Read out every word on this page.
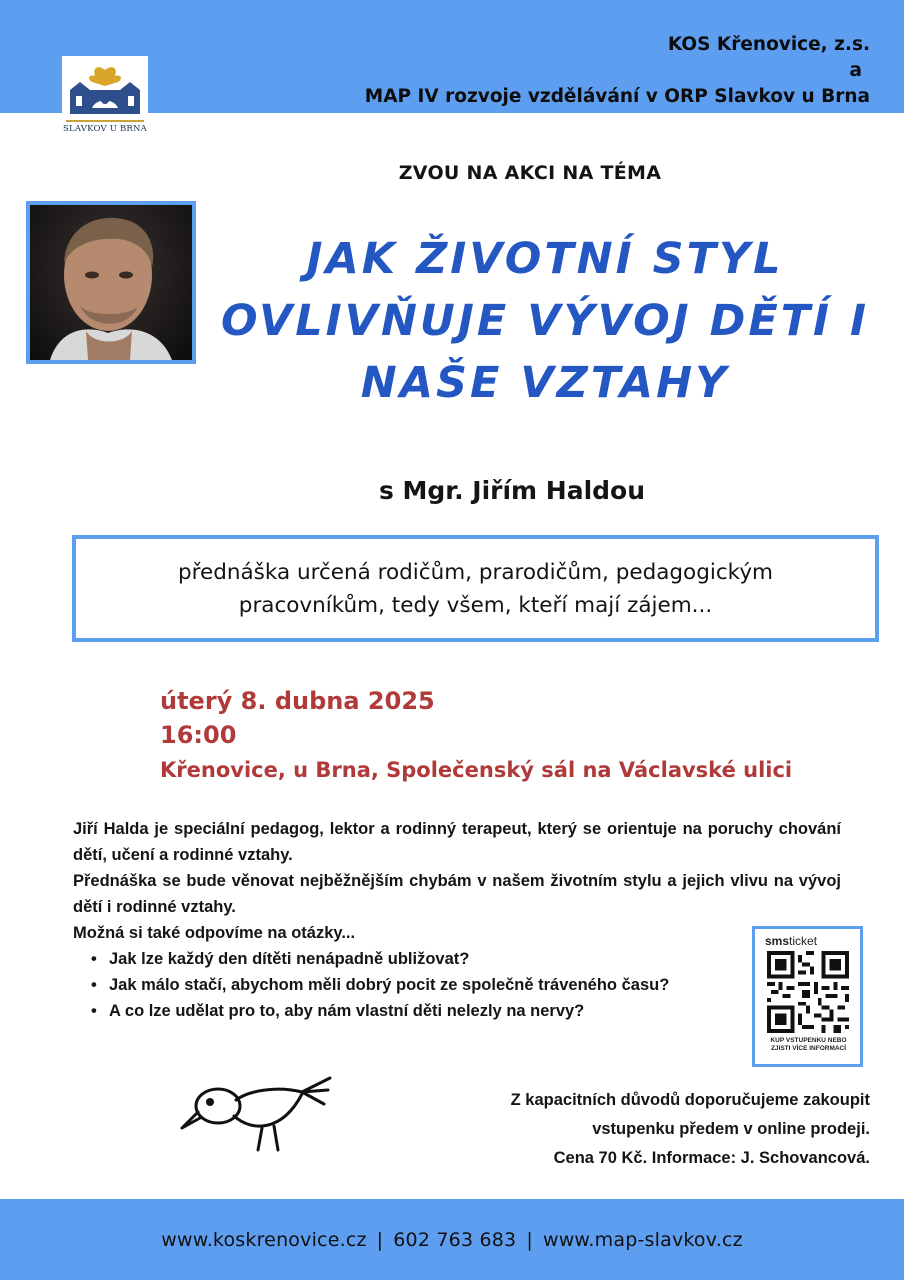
KOS Křenovice, z.s.
a
MAP IV rozvoje vzdělávání v ORP Slavkov u Brna
SLAVKOV U BRNA
ZVOU NA AKCI NA TÉMA
JAK ŽIVOTNÍ STYL
OVLIVŇUJE VÝVOJ DĚTÍ I
NAŠE VZTAHY
s Mgr. Jiřím Haldou
přednáška určená rodičům, prarodičům, pedagogickým
pracovníkům, tedy všem, kteří mají zájem...
úterý 8. dubna 2025
16:00
Křenovice, u Brna, Společenský sál na Václavské ulici

Jiří Halda je speciální pedagog, lektor a rodinný terapeut, který se orientuje na poruchy chování dětí, učení a rodinné vztahy.

Přednáška se bude věnovat nejběžnějším chybám v našem životním stylu a jejich vlivu na vývoj dětí i rodinné vztahy.

Možná si také odpovíme na otázky...

• Jak lze každý den dítěti nenápadně ubližovat?
• Jak málo stačí, abychom měli dobrý pocit ze společně tráveného času?
• A co lze udělat pro to, aby nám vlastní děti nelezly na nervy?
smsticket
KUP VSTUPENKU NEBO
ZJISTI VÍCE INFORMACÍ
Z kapacitních důvodů doporučujeme zakoupit
vstupenku předem v online prodeji.
Cena 70 Kč. Informace: J. Schovancová.
www.koskrenovice.cz | 602 763 683 | www.map-slavkov.cz
